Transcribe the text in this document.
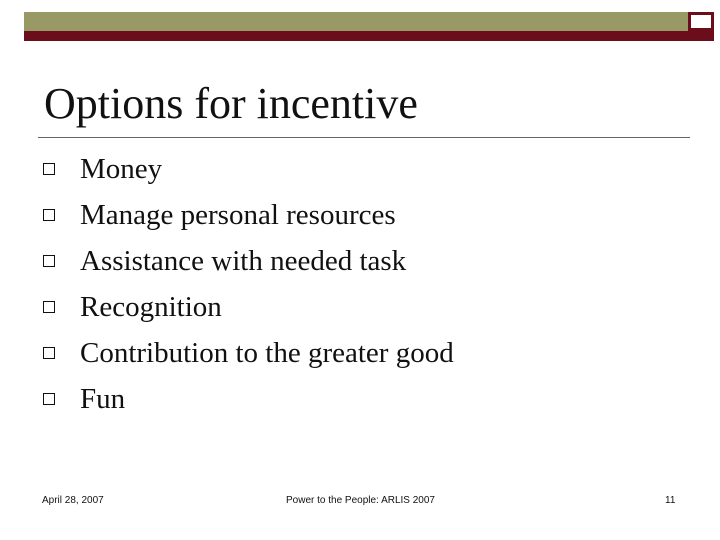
Options for incentive
Money
Manage personal resources
Assistance with needed task
Recognition
Contribution to the greater good
Fun
April 28, 2007	Power to the People: ARLIS 2007	11
